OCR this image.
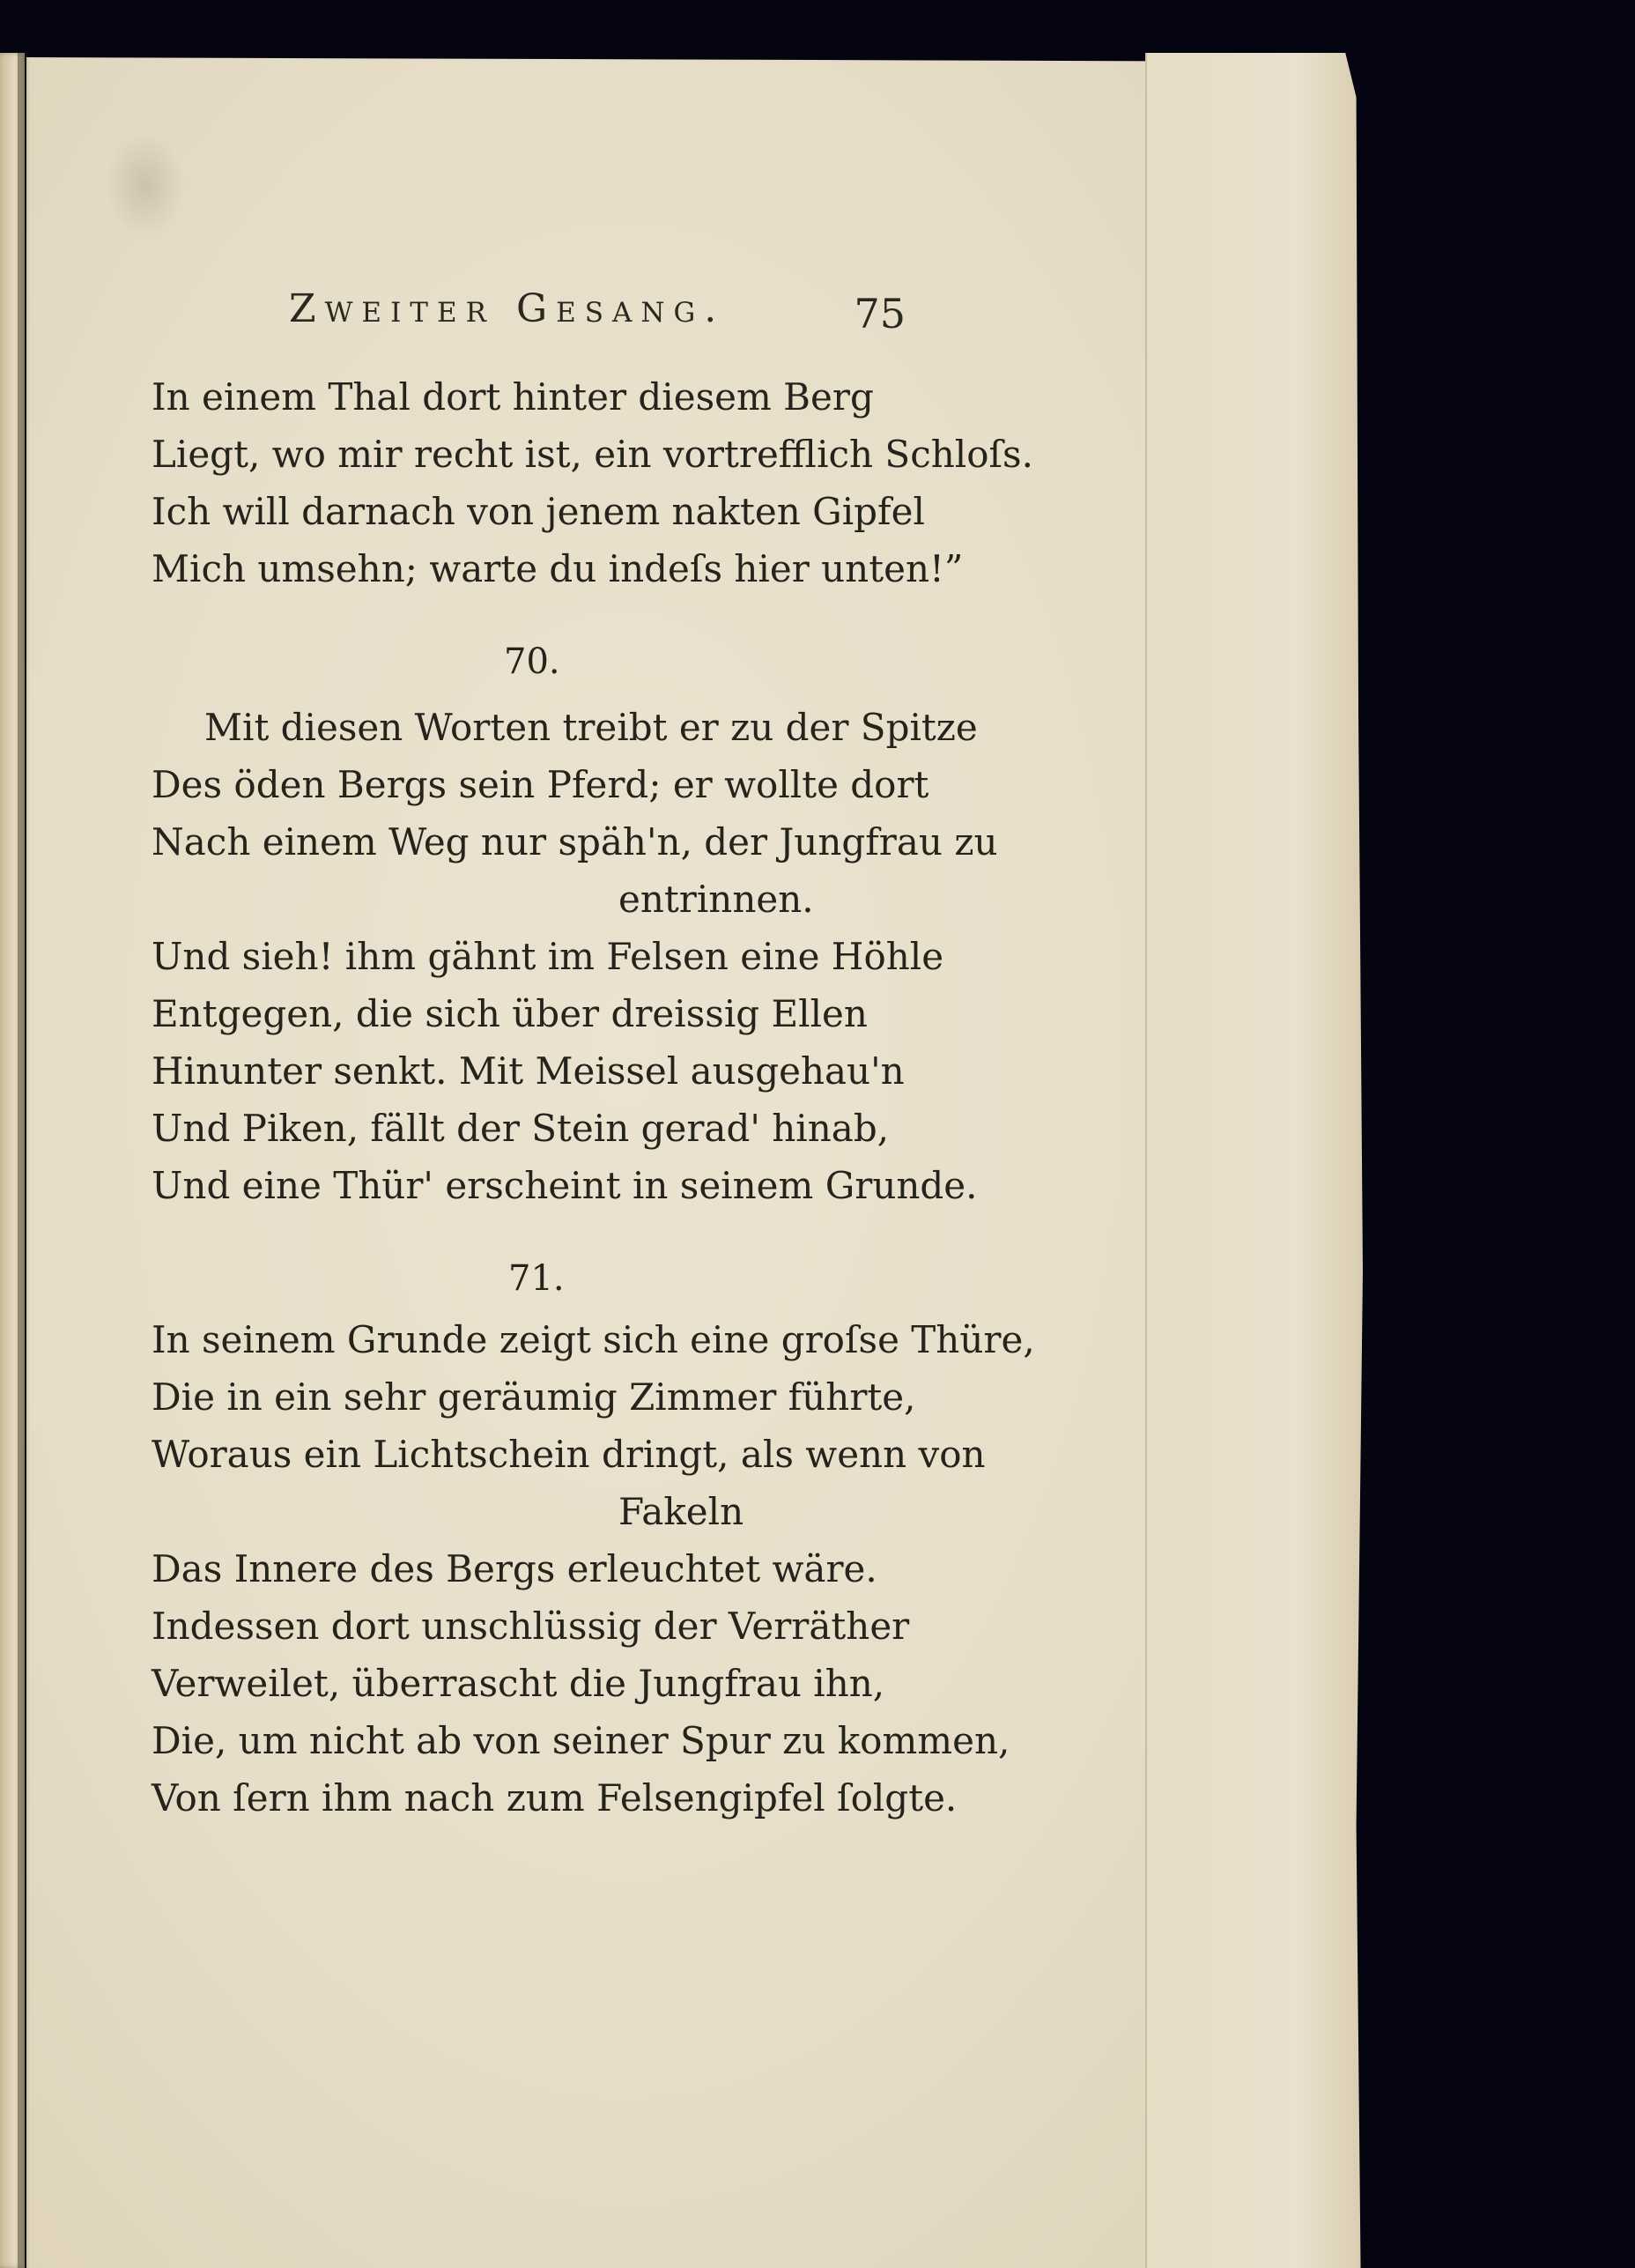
Zweiter Gesang.	75
In einem Thal dort hinter diesem Berg
Liegt, wo mir recht ist, ein vortrefflich Schloſs.
Ich will darnach von jenem nakten Gipfel
Mich umsehn; warte du indeſs hier unten!”
70.
Mit diesen Worten treibt er zu der Spitze
Des öden Bergs sein Pferd; er wollte dort
Nach einem Weg nur späh'n, der Jungfrau zu
entrinnen.
Und sieh! ihm gähnt im Felsen eine Höhle
Entgegen, die sich über dreissig Ellen
Hinunter senkt. Mit Meissel ausgehau'n
Und Piken, fällt der Stein gerad' hinab,
Und eine Thür' erscheint in seinem Grunde.
71.
In seinem Grunde zeigt sich eine groſse Thüre,
Die in ein sehr geräumig Zimmer führte,
Woraus ein Lichtschein dringt, als wenn von
Fakeln
Das Innere des Bergs erleuchtet wäre.
Indessen dort unschlüssig der Verräther
Verweilet, überrascht die Jungfrau ihn,
Die, um nicht ab von seiner Spur zu kommen,
Von ſern ihm nach zum Felsengipfel ſolgte.
